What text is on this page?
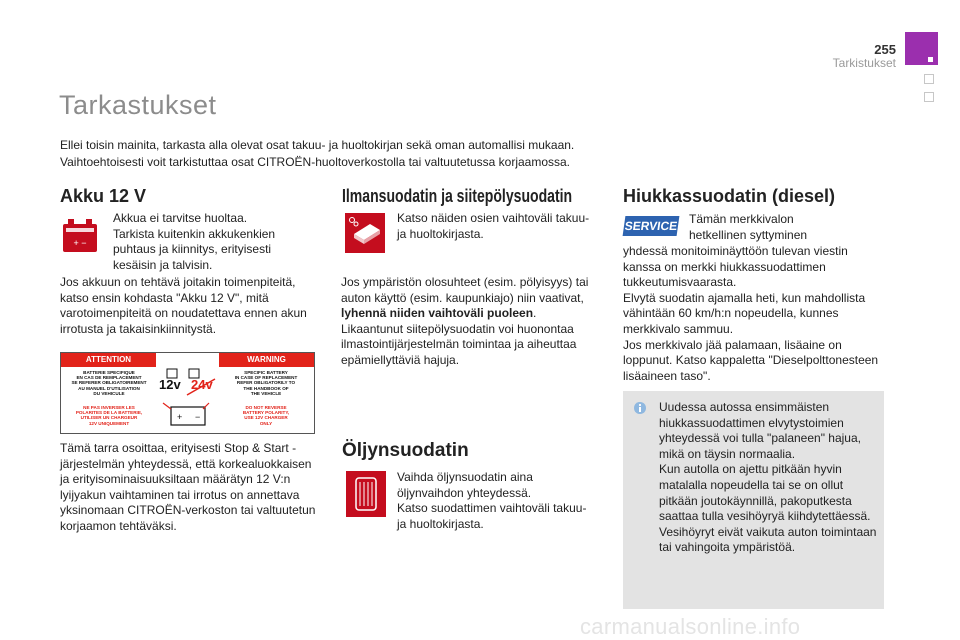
255
Tarkistukset
Tarkastukset
Ellei toisin mainita, tarkasta alla olevat osat takuu- ja huoltokirjan sekä oman automallisi mukaan. Vaihtoehtoisesti voit tarkistuttaa osat CITROËN-huoltoverkostolla tai valtuutetussa korjaamossa.
Akku 12 V
+ −
Akkua ei tarvitse huoltaa.
Tarkista kuitenkin akkukenkien puhtaus ja kiinnitys, erityisesti kesäisin ja talvisin.
Jos akkuun on tehtävä joitakin toimenpiteitä, katso ensin kohdasta "Akku 12 V", mitä varotoimenpiteitä on noudatettava ennen akun irrotusta ja takaisinkiinnitystä.
ATTENTION	WARNING
BATTERIE SPECIFIQUE
EN CAS DE REMPLACEMENT
SE REFERER OBLIGATOIREMENT
AU MANUEL D'UTILISATION
DU VEHICULE
SPECIFIC BATTERY
IN CASE OF REPLACEMENT
REFER OBLIGATORILY TO
THE HANDBOOK OF
THE VEHICLE
NE PAS INVERSER LES
POLARITES DE LA BATTERIE,
UTILISER UN CHARGEUR
12V UNIQUEMENT
DO NOT REVERSE
BATTERY POLARITY,
USE 12V CHARGER
ONLY
12v 24v
+ −
Tämä tarra osoittaa, erityisesti Stop & Start -järjestelmän yhteydessä, että korkealuokkaisen ja erityisominaisuuksiltaan määrätyn 12 V:n lyijyakun vaihtaminen tai irrotus on annettava yksinomaan CITROËN-verkoston tai valtuutetun korjaamon tehtäväksi.
Ilmansuodatin ja siitepölysuodatin
Katso näiden osien vaihtoväli takuu- ja huoltokirjasta.
Jos ympäristön olosuhteet (esim. pölyisyys) tai auton käyttö (esim. kaupunkiajo) niin vaativat, lyhennä niiden vaihtoväli puoleen.
Likaantunut siitepölysuodatin voi huonontaa ilmastointijärjestelmän toimintaa ja aiheuttaa epämiellyttäviä hajuja.
Öljynsuodatin
Vaihda öljynsuodatin aina öljynvaihdon yhteydessä.
Katso suodattimen vaihtoväli takuu- ja huoltokirjasta.
Hiukkassuodatin (diesel)
SERVICE Tämän merkkivalon hetkellinen syttyminen
yhdessä monitoiminäyttöön tulevan viestin kanssa on merkki hiukkassuodattimen tukkeutumisvaarasta.
Elvytä suodatin ajamalla heti, kun mahdollista vähintään 60 km/h:n nopeudella, kunnes merkkivalo sammuu.
Jos merkkivalo jää palamaan, lisäaine on loppunut. Katso kappaletta "Dieselpolttonesteen lisäaineen taso".
Uudessa autossa ensimmäisten hiukkassuodattimen elvytystoimien yhteydessä voi tulla "palaneen" hajua, mikä on täysin normaalia.
Kun autolla on ajettu pitkään hyvin matalalla nopeudella tai se on ollut pitkään joutokäynnillä, pakoputkesta saattaa tulla vesihöyryä kiihdytettäessä. Vesihöyryt eivät vaikuta auton toimintaan tai vahingoita ympäristöä.
carmanualsonline.info
